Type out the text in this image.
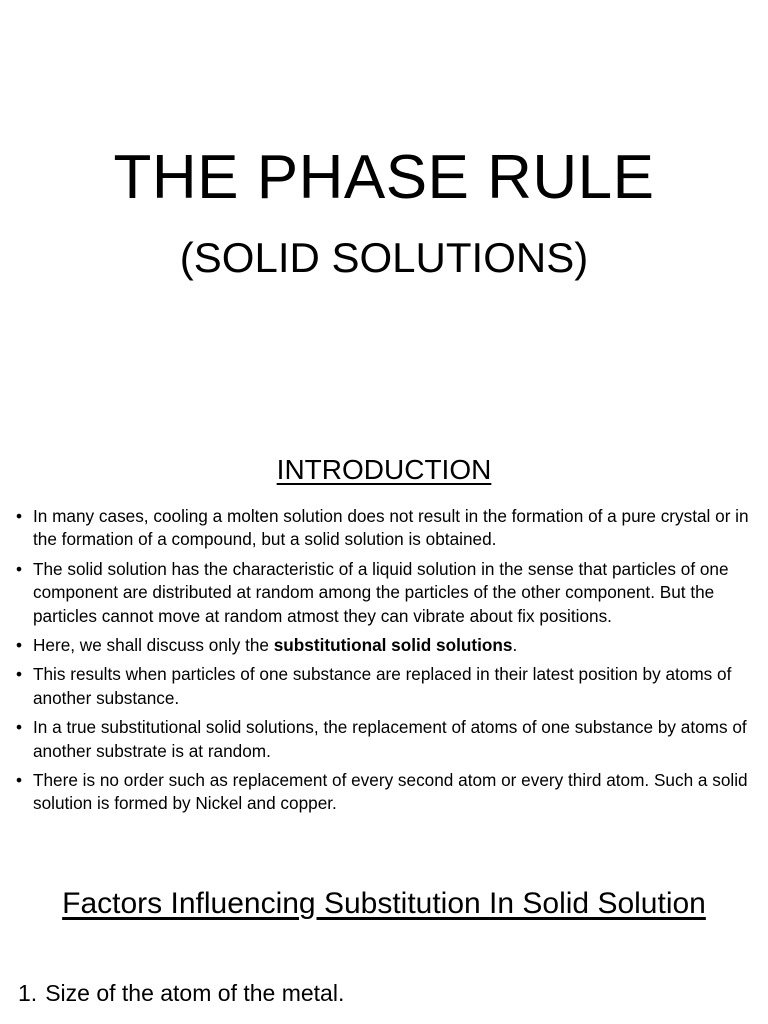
THE PHASE RULE
(SOLID SOLUTIONS)
INTRODUCTION
• In many cases, cooling a molten solution does not result in the formation of a pure crystal or in the formation of a compound, but a solid solution is obtained.
• The solid solution has the characteristic of a liquid solution in the sense that particles of one component are distributed at random among the particles of the other component. But the particles cannot move at random atmost they can vibrate about fix positions.
• Here, we shall discuss only the substitutional solid solutions.
• This results when particles of one substance are replaced in their latest position by atoms of another substance.
• In a true substitutional solid solutions, the replacement of atoms of one substance by atoms of another substrate is at random.
• There is no order such as replacement of every second atom or every third atom. Such a solid solution is formed by Nickel and copper.
Factors Influencing Substitution In Solid Solution
1. Size of the atom of the metal.
